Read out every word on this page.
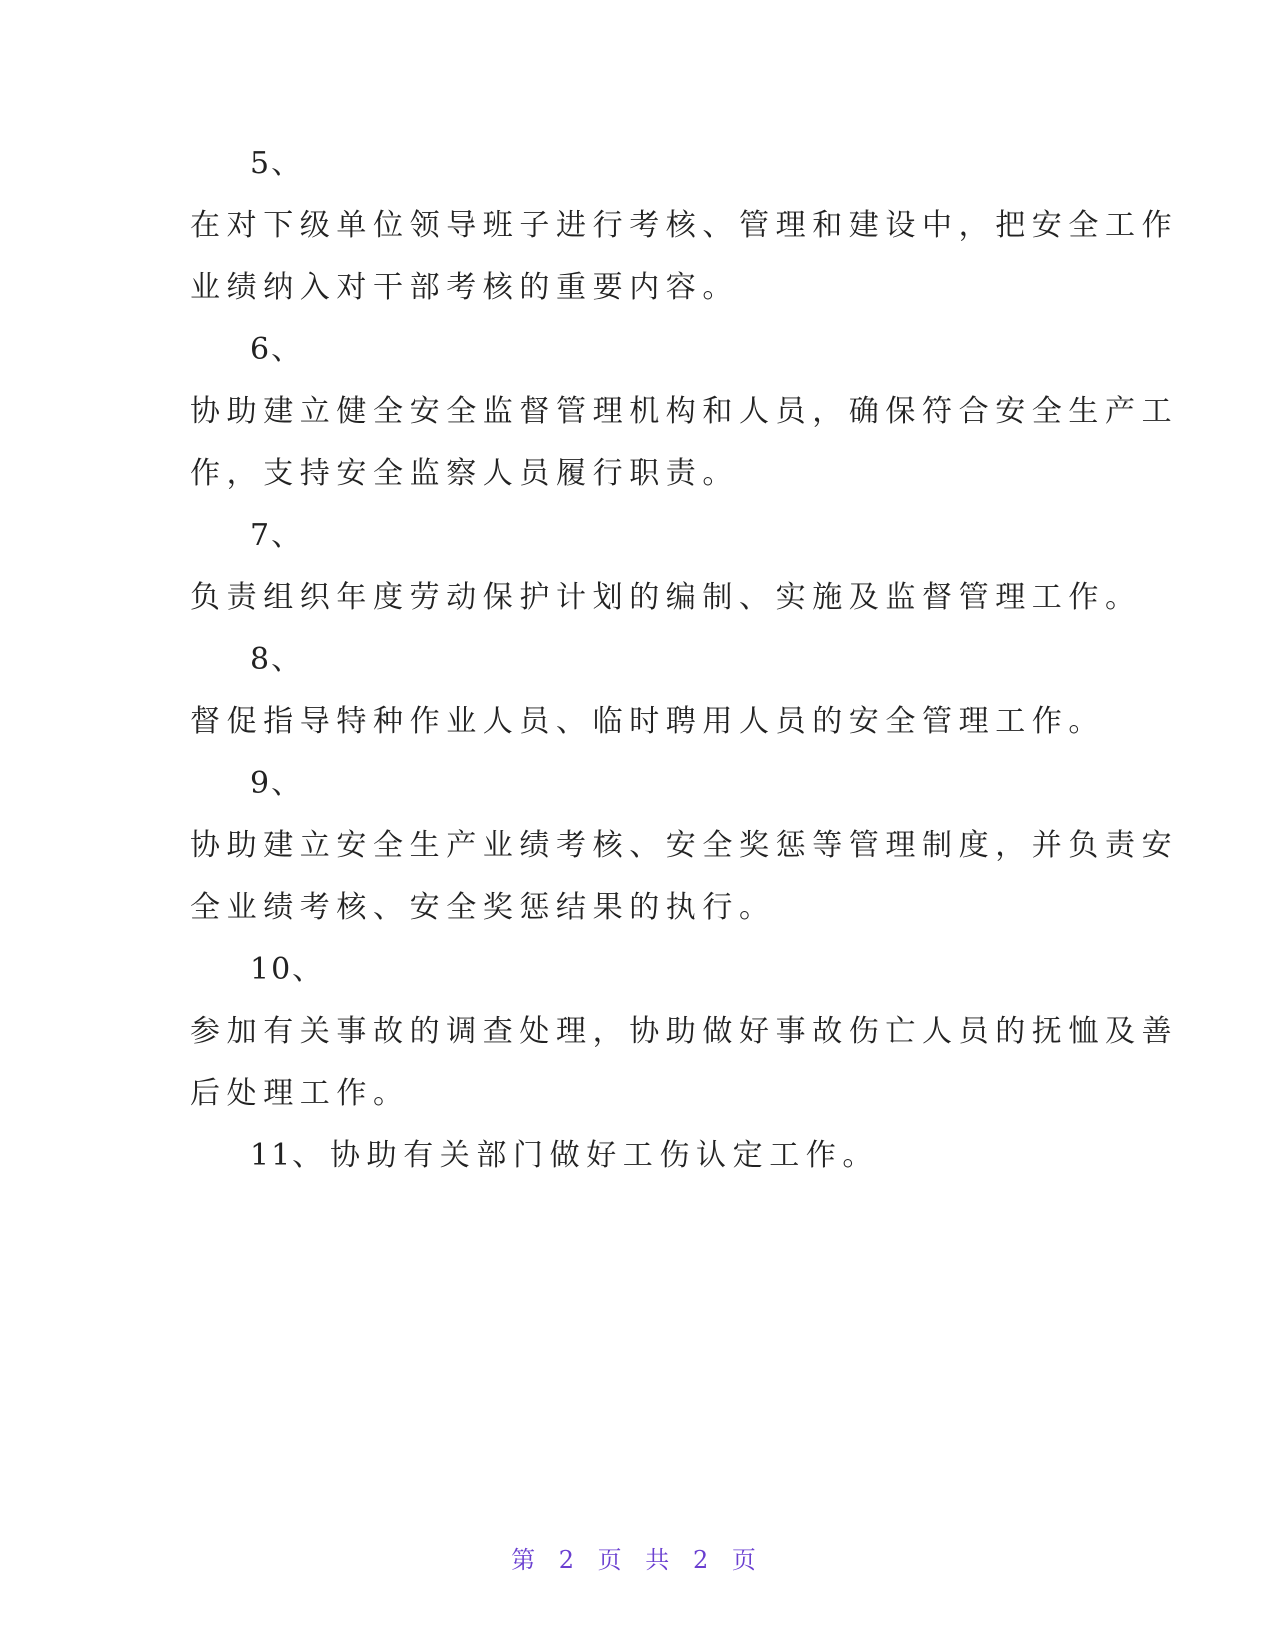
5、
在对下级单位领导班子进行考核、管理和建设中，把安全工作
业绩纳入对干部考核的重要内容。
6、
协助建立健全安全监督管理机构和人员，确保符合安全生产工
作，支持安全监察人员履行职责。
7、
负责组织年度劳动保护计划的编制、实施及监督管理工作。
8、
督促指导特种作业人员、临时聘用人员的安全管理工作。
9、
协助建立安全生产业绩考核、安全奖惩等管理制度，并负责安
全业绩考核、安全奖惩结果的执行。
10、
参加有关事故的调查处理，协助做好事故伤亡人员的抚恤及善
后处理工作。
11、 协助有关部门做好工伤认定工作。
第 2 页 共 2 页
